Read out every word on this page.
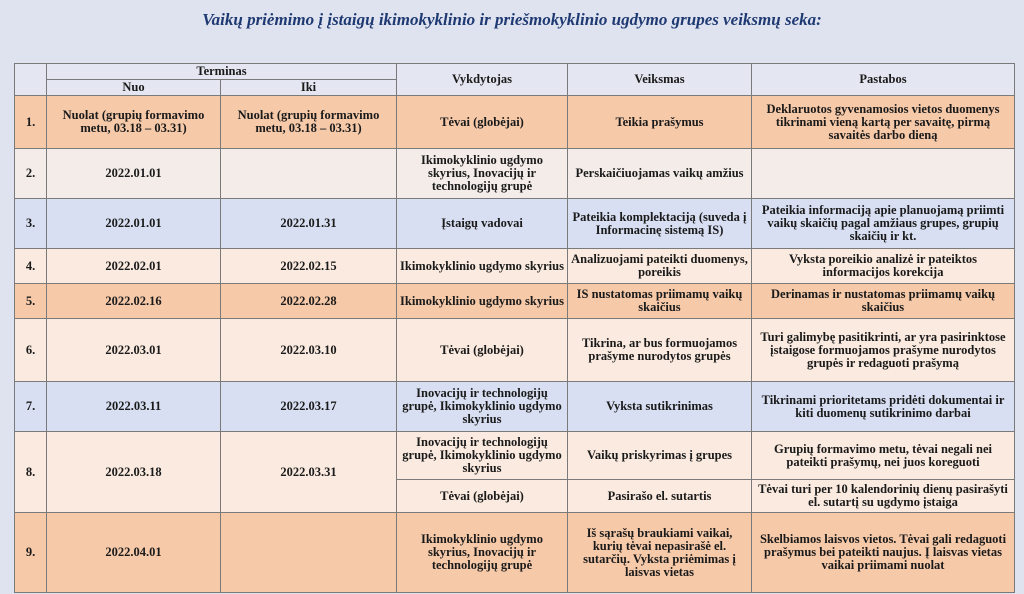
Vaikų priėmimo į įstaigų ikimokyklinio ir priešmokyklinio ugdymo grupes veiksmų seka:
	Terminas		Vykdytojas	Veiksmas	Pastabos
	Nuo	Iki			
1.	Nuolat (grupių formavimo metu, 03.18 – 03.31)	Nuolat (grupių formavimo metu, 03.18 – 03.31)	Tėvai (globėjai)	Teikia prašymus	Deklaruotos gyvenamosios vietos duomenys tikrinami vieną kartą per savaitę, pirmą savaitės darbo dieną
2.	2022.01.01		Ikimokyklinio ugdymo skyrius, Inovacijų ir technologijų grupė	Perskaičiuojamas vaikų amžius	
3.	2022.01.01	2022.01.31	Įstaigų vadovai	Pateikia komplektaciją (suveda į Informacinę sistemą IS)	Pateikia informaciją apie planuojamą priimti vaikų skaičių pagal amžiaus grupes, grupių skaičių ir kt.
4.	2022.02.01	2022.02.15	Ikimokyklinio ugdymo skyrius	Analizuojami pateikti duomenys, poreikis	Vyksta poreikio analizė ir pateiktos informacijos korekcija
5.	2022.02.16	2022.02.28	Ikimokyklinio ugdymo skyrius	IS nustatomas priimamų vaikų skaičius	Derinamas ir nustatomas priimamų vaikų skaičius
6.	2022.03.01	2022.03.10	Tėvai (globėjai)	Tikrina, ar bus formuojamos prašyme nurodytos grupės	Turi galimybę pasitikrinti, ar yra pasirinktose įstaigose formuojamos prašyme nurodytos grupės ir redaguoti prašymą
7.	2022.03.11	2022.03.17	Inovacijų ir technologijų grupė, Ikimokyklinio ugdymo skyrius	Vyksta sutikrinimas	Tikrinami prioritetams pridėti dokumentai ir kiti duomenų sutikrinimo darbai
8.	2022.03.18	2022.03.31	Inovacijų ir technologijų grupė, Ikimokyklinio ugdymo skyrius	Vaikų priskyrimas į grupes	Grupių formavimo metu, tėvai negali nei pateikti prašymų, nei juos koreguoti
			Tėvai (globėjai)	Pasirašo el. sutartis	Tėvai turi per 10 kalendorinių dienų pasirašyti el. sutartį su ugdymo įstaiga
9.	2022.04.01		Ikimokyklinio ugdymo skyrius, Inovacijų ir technologijų grupė	Iš sąrašų braukiami vaikai, kurių tėvai nepasirašė el. sutarčių. Vyksta priėmimas į laisvas vietas	Skelbiamos laisvos vietos. Tėvai gali redaguoti prašymus bei pateikti naujus. Į laisvas vietas vaikai priimami nuolat
